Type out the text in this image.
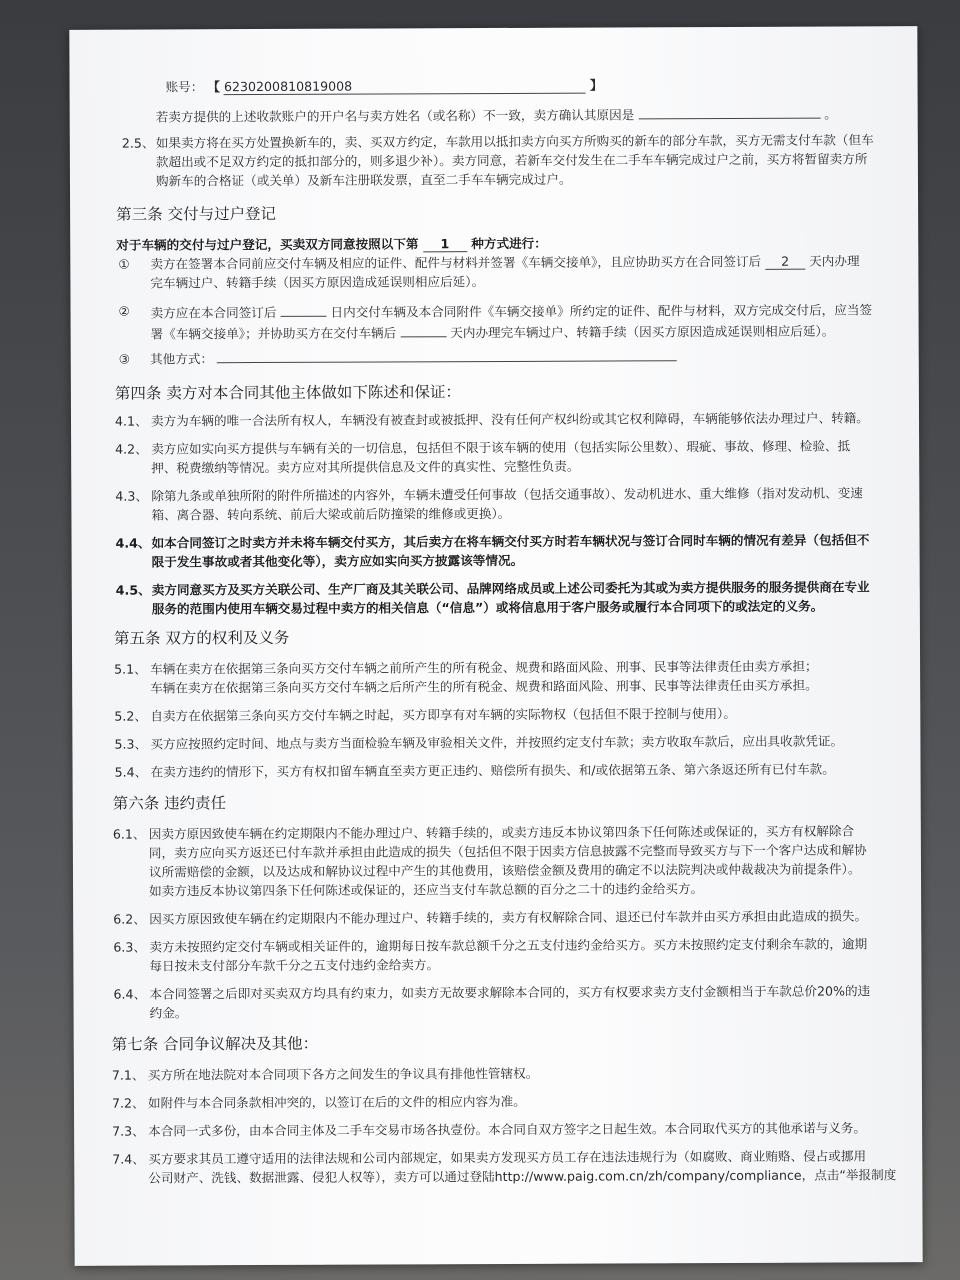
账号： 【 6230200810819008	】
若卖方提供的上述收款账户的开户名与卖方姓名（或名称）不一致，卖方确认其原因是	。
2.5、 如果卖方将在买方处置换新车的，卖、买双方约定，车款用以抵扣卖方向买方所购买的新车的部分车款，买方无需支付车款（但车
款超出或不足双方约定的抵扣部分的，则多退少补）。卖方同意，若新车交付发生在二手车车辆完成过户之前，买方将暂留卖方所
购新车的合格证（或关单）及新车注册联发票，直至二手车车辆完成过户。
第三条 交付与过户登记
对于车辆的交付与过户登记，买卖双方同意按照以下第 1 种方式进行：
① 卖方在签署本合同前应交付车辆及相应的证件、配件与材料并签署《车辆交接单》，且应协助买方在合同签订后 2 天内办理
完车辆过户、转籍手续（因买方原因造成延误则相应后延）。
② 卖方应在本合同签订后	日内交付车辆及本合同附件《车辆交接单》所约定的证件、配件与材料，双方完成交付后，应当签
署《车辆交接单》；并协助买方在交付车辆后	天内办理完车辆过户、转籍手续（因买方原因造成延误则相应后延）。
③ 其他方式：
第四条 卖方对本合同其他主体做如下陈述和保证：
4.1、 卖方为车辆的唯一合法所有权人，车辆没有被查封或被抵押、没有任何产权纠纷或其它权利障碍，车辆能够依法办理过户、转籍。
4.2、 卖方应如实向买方提供与车辆有关的一切信息，包括但不限于该车辆的使用（包括实际公里数）、瑕疵、事故、修理、检验、抵
押、税费缴纳等情况。卖方应对其所提供信息及文件的真实性、完整性负责。
4.3、 除第九条或单独所附的附件所描述的内容外，车辆未遭受任何事故（包括交通事故）、发动机进水、重大维修（指对发动机、变速
箱、离合器、转向系统、前后大梁或前后防撞梁的维修或更换）。
4.4、 如本合同签订之时卖方并未将车辆交付买方，其后卖方在将车辆交付买方时若车辆状况与签订合同时车辆的情况有差异（包括但不
限于发生事故或者其他变化等），卖方应如实向买方披露该等情况。
4.5、 卖方同意买方及买方关联公司、生产厂商及其关联公司、品牌网络成员或上述公司委托为其或为卖方提供服务的服务提供商在专业
服务的范围内使用车辆交易过程中卖方的相关信息（“信息”）或将信息用于客户服务或履行本合同项下的或法定的义务。
第五条 双方的权利及义务
5.1、 车辆在卖方在依据第三条向买方交付车辆之前所产生的所有税金、规费和路面风险、刑事、民事等法律责任由卖方承担；
车辆在卖方在依据第三条向买方交付车辆之后所产生的所有税金、规费和路面风险、刑事、民事等法律责任由买方承担。
5.2、 自卖方在依据第三条向买方交付车辆之时起，买方即享有对车辆的实际物权（包括但不限于控制与使用）。
5.3、 买方应按照约定时间、地点与卖方当面检验车辆及审验相关文件，并按照约定支付车款；卖方收取车款后，应出具收款凭证。
5.4、 在卖方违约的情形下，买方有权扣留车辆直至卖方更正违约、赔偿所有损失、和/或依据第五条、第六条返还所有已付车款。
第六条 违约责任
6.1、 因卖方原因致使车辆在约定期限内不能办理过户、转籍手续的，或卖方违反本协议第四条下任何陈述或保证的，买方有权解除合
同，卖方应向买方返还已付车款并承担由此造成的损失（包括但不限于因卖方信息披露不完整而导致买方与下一个客户达成和解协
议所需赔偿的金额，以及达成和解协议过程中产生的其他费用，该赔偿金额及费用的确定不以法院判决或仲裁裁决为前提条件）。
如卖方违反本协议第四条下任何陈述或保证的，还应当支付车款总额的百分之二十的违约金给买方。
6.2、 因买方原因致使车辆在约定期限内不能办理过户、转籍手续的，卖方有权解除合同、退还已付车款并由买方承担由此造成的损失。
6.3、 卖方未按照约定交付车辆或相关证件的，逾期每日按车款总额千分之五支付违约金给买方。买方未按照约定支付剩余车款的，逾期
每日按未支付部分车款千分之五支付违约金给卖方。
6.4、 本合同签署之后即对买卖双方均具有约束力，如卖方无故要求解除本合同的，买方有权要求卖方支付金额相当于车款总价20%的违
约金。
第七条 合同争议解决及其他：
7.1、 买方所在地法院对本合同项下各方之间发生的争议具有排他性管辖权。
7.2、 如附件与本合同条款相冲突的，以签订在后的文件的相应内容为准。
7.3、 本合同一式多份，由本合同主体及二手车交易市场各执壹份。本合同自双方签字之日起生效。本合同取代买方的其他承诺与义务。
7.4、 买方要求其员工遵守适用的法律法规和公司内部规定，如果卖方发现买方员工存在违法违规行为（如腐败、商业贿赂、侵占或挪用
公司财产、洗钱、数据泄露、侵犯人权等），卖方可以通过登陆http://www.paig.com.cn/zh/company/compliance，点击“举报制度
